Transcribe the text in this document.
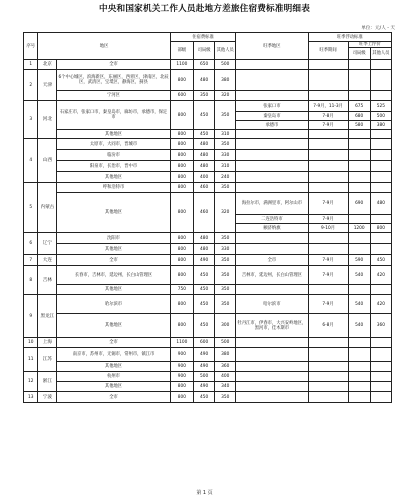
中央和国家机关工作人员赴地方差旅住宿费标准明细表
单位：元/人・天
序号	地区		住宿费标准			旺季地区	旺季浮动标准		
			部级	司局级	其他人员		旺季期间	旺季上浮价	
								司局级	其他人员
1	北京	全市	1100	650	500				
2	天津	6个中心城区，滨海新区，东丽区，西青区，津南区，北辰区，武清区，宝坻区，静海区，蓟县	800	480	380				
		宁河区	600	350	320				
3	河北	石家庄市，张家口市，秦皇岛市，廊坊市，承德市，保定市	800	450	350	张家口市	7-9月，11-3月	675	525
						秦皇岛市	7-8月	680	500
						承德市	7-9月	580	380
		其他地区	800	450	310				
4	山西	太原市，大同市，晋城市	800	480	350				
		临汾市	800	480	330				
		阳泉市，长治市，晋中市	800	480	310				
		其他地区	800	400	240				
5	内蒙古	呼和浩特市	800	460	350				
		其他地区	800	460	320	海拉尔市，满洲里市，阿尔山市	7-9月	690	480
						二连浩特市	7-9月		
						额济纳旗	9-10月	1200	800
6	辽宁	沈阳市	800	480	350				
		其他地区	800	480	330				
7	大连	全市	800	490	350	全市	7-9月	590	450
8	吉林	长春市，吉林市，延边州，长白山管理区	800	450	350	吉林市，延边州，长白山管理区	7-9月	540	420
		其他地区	750	450	350				
9	黑龙江	哈尔滨市	800	450	350	哈尔滨市	7-9月	540	420
		其他地区	800	450	300	牡丹江市，伊春市，大兴安岭地区，黑河市，佳木斯市	6-8月	540	360
10	上海	全市	1100	600	500				
11	江苏	南京市，苏州市，无锡市，常州市，镇江市	900	490	380				
		其他地区	900	490	360				
12	浙江	杭州市	900	500	400				
		其他地区	800	490	340				
13	宁波	全市	800	450	350				
第 1 页
